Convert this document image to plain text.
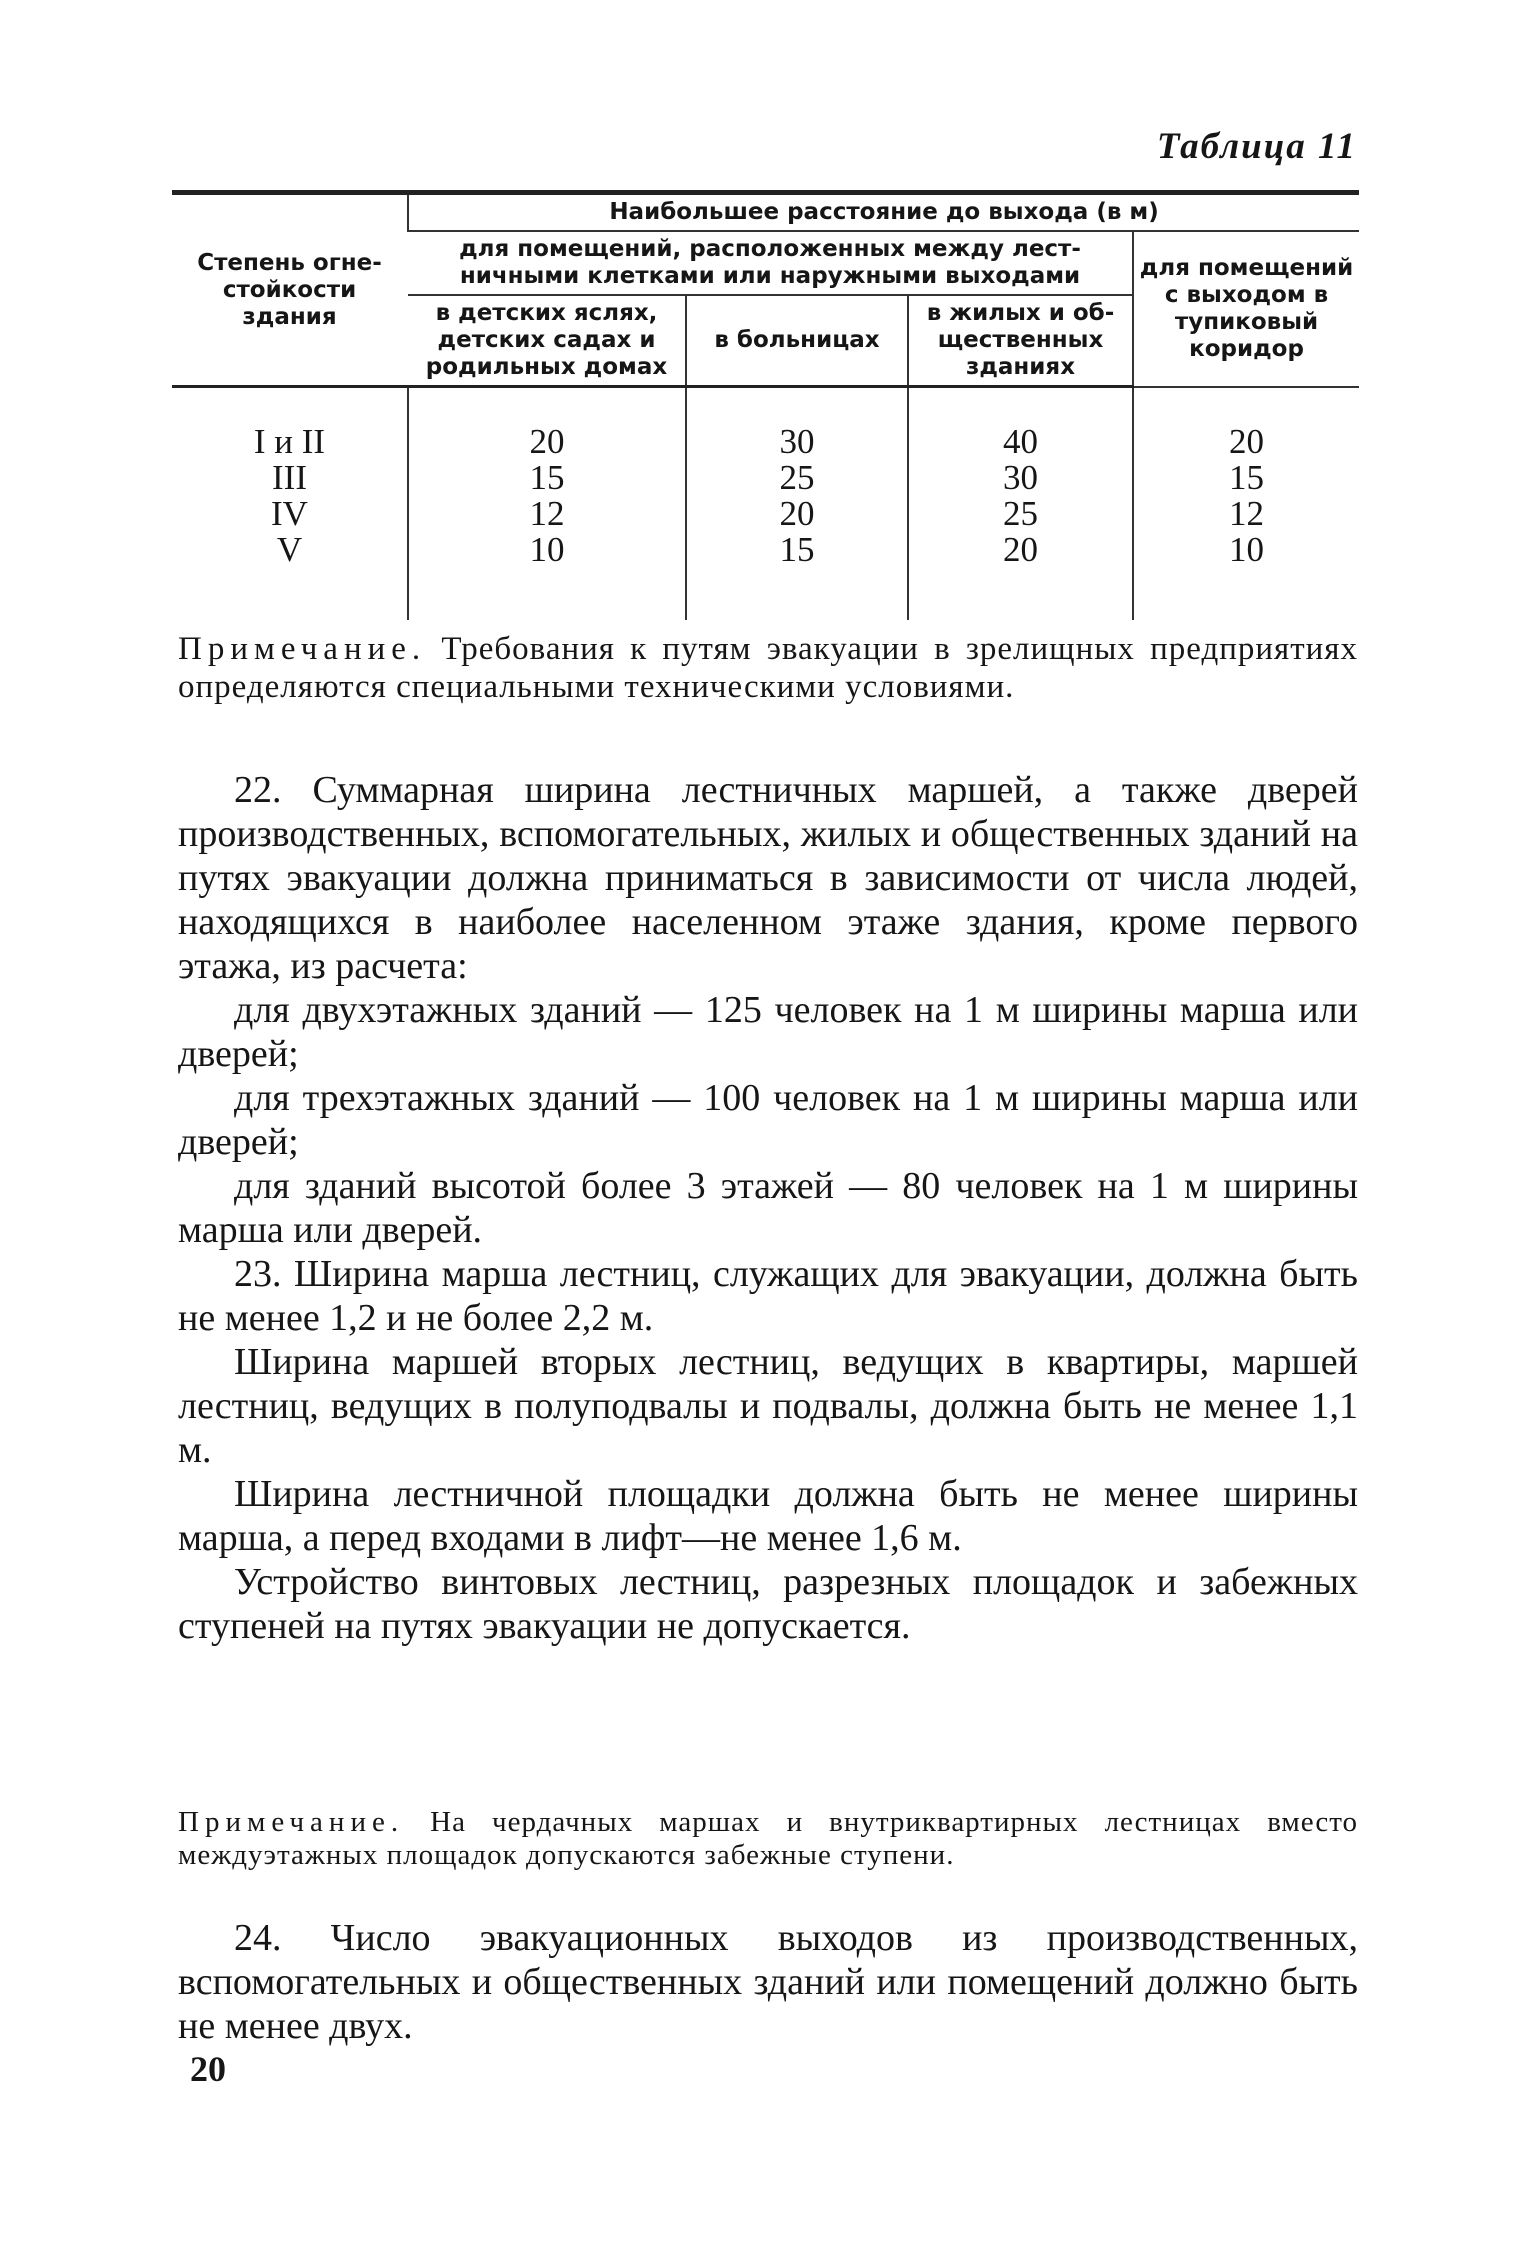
Таблица 11
Степень огне-стойкости здания	Наибольшее расстояние до выхода (в м)			
	для помещений, расположенных между лест-ничными клетками или наружными выходами			для помещений с выходом в тупиковый коридор
	в детских яслях, детских садах и родильных домах	в больницах	в жилых и об-щественных зданиях	
I и II	20	30	40	20
III	15	25	30	15
IV	12	20	25	12
V	10	15	20	10

Примечание. Требования к путям эвакуации в зрелищных предприятиях определяются специальными техническими условиями.

22. Суммарная ширина лестничных маршей, а также дверей производственных, вспомогательных, жилых и общественных зданий на путях эвакуации должна приниматься в зависимости от числа людей, находящихся в наиболее населенном этаже здания, кроме первого этажа, из расчета:

для двухэтажных зданий — 125 человек на 1 м ширины марша или дверей;

для трехэтажных зданий — 100 человек на 1 м ширины марша или дверей;

для зданий высотой более 3 этажей — 80 человек на 1 м ширины марша или дверей.

23. Ширина марша лестниц, служащих для эвакуации, должна быть не менее 1,2 и не более 2,2 м.

Ширина маршей вторых лестниц, ведущих в квартиры, маршей лестниц, ведущих в полуподвалы и подвалы, должна быть не менее 1,1 м.

Ширина лестничной площадки должна быть не менее ширины марша, а перед входами в лифт—не менее 1,6 м.

Устройство винтовых лестниц, разрезных площадок и забежных ступеней на путях эвакуации не допускается.

Примечание. На чердачных маршах и внутриквартирных лестницах вместо междуэтажных площадок допускаются забежные ступени.

24. Число эвакуационных выходов из производственных, вспомогательных и общественных зданий или помещений должно быть не менее двух.

20
